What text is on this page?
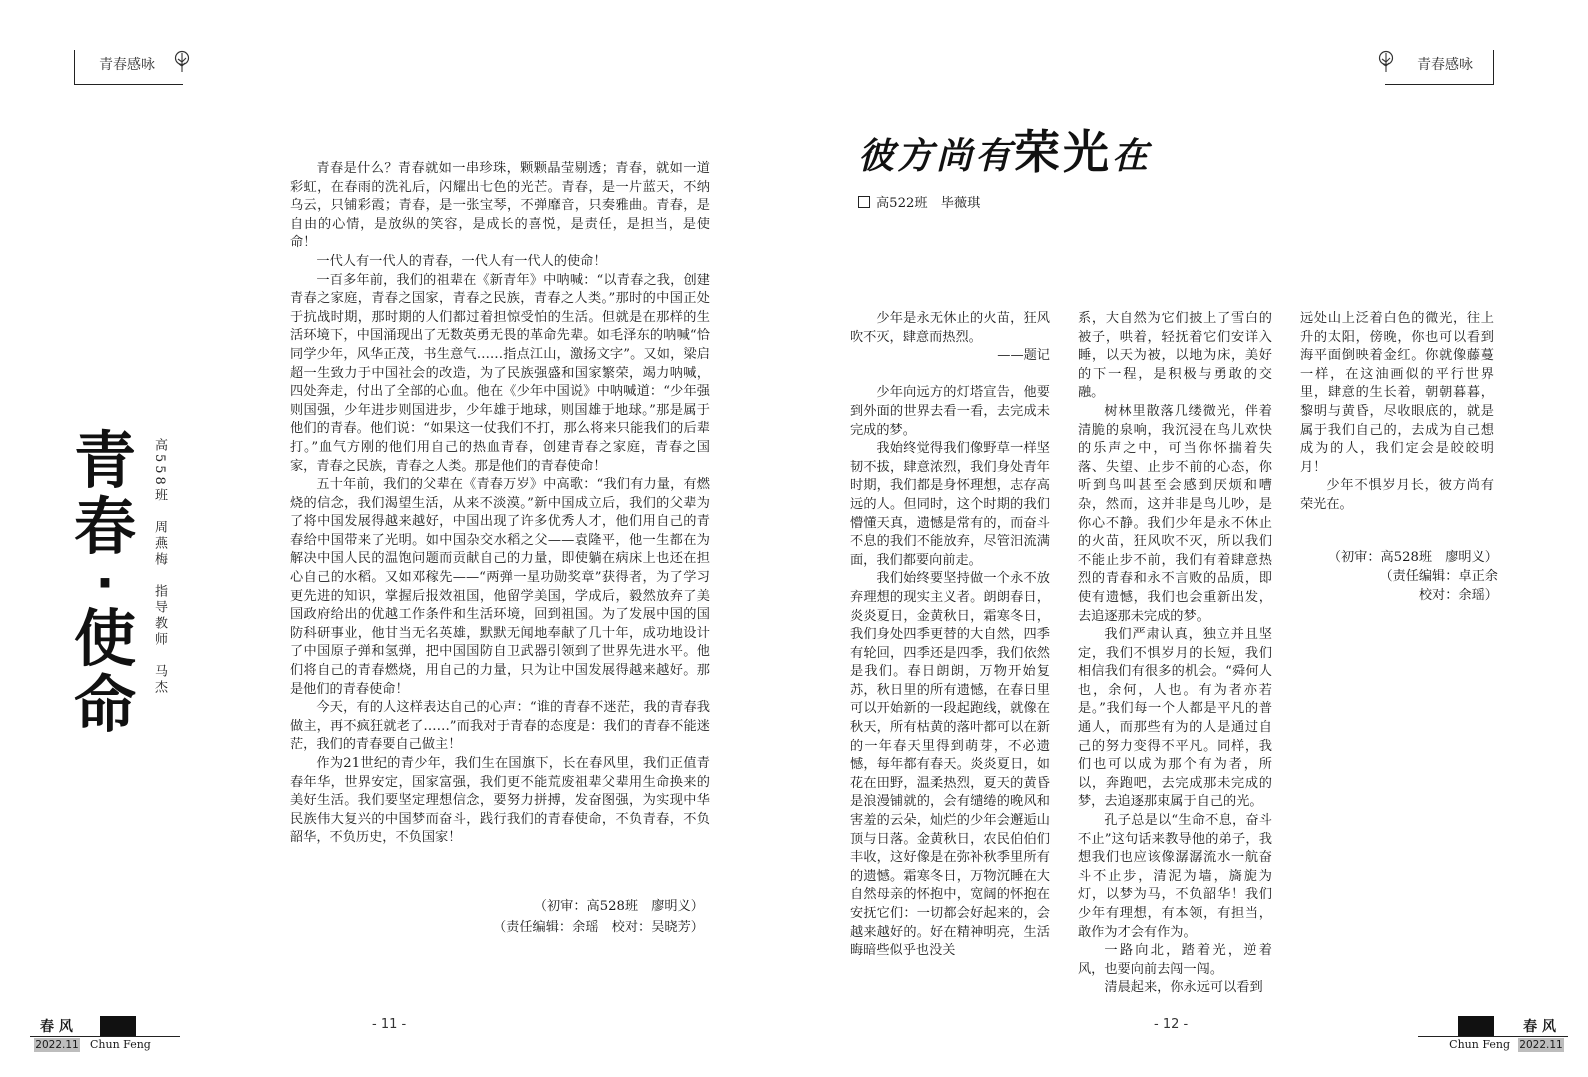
青春感咏
青
春
·
使
命
高558班　周燕梅　指导教师　马杰

青春是什么？青春就如一串珍珠，颗颗晶莹剔透；青春，就如一道彩虹，在春雨的洗礼后，闪耀出七色的光芒。青春，是一片蓝天，不纳乌云，只铺彩霞；青春，是一张宝琴，不弹靡音，只奏雅曲。青春，是自由的心情，是放纵的笑容，是成长的喜悦，是责任，是担当，是使命！

一代人有一代人的青春，一代人有一代人的使命！

一百多年前，我们的祖辈在《新青年》中呐喊：“以青春之我，创建青春之家庭，青春之国家，青春之民族，青春之人类。”那时的中国正处于抗战时期，那时期的人们都过着担惊受怕的生活。但就是在那样的生活环境下，中国涌现出了无数英勇无畏的革命先辈。如毛泽东的呐喊“恰同学少年，风华正茂，书生意气……指点江山，激扬文字”。又如，梁启超一生致力于中国社会的改造，为了民族强盛和国家繁荣，竭力呐喊，四处奔走，付出了全部的心血。他在《少年中国说》中呐喊道：“少年强则国强，少年进步则国进步，少年雄于地球，则国雄于地球。”那是属于他们的青春。他们说：“如果这一仗我们不打，那么将来只能我们的后辈打。”血气方刚的他们用自己的热血青春，创建青春之家庭，青春之国家，青春之民族，青春之人类。那是他们的青春使命！

五十年前，我们的父辈在《青春万岁》中高歌：“我们有力量，有燃烧的信念，我们渴望生活，从来不淡漠。”新中国成立后，我们的父辈为了将中国发展得越来越好，中国出现了许多优秀人才，他们用自己的青春给中国带来了光明。如中国杂交水稻之父——袁隆平，他一生都在为解决中国人民的温饱问题而贡献自己的力量，即使躺在病床上也还在担心自己的水稻。又如邓稼先——“两弹一星功勋奖章”获得者，为了学习更先进的知识，掌握后报效祖国，他留学美国，学成后，毅然放弃了美国政府给出的优越工作条件和生活环境，回到祖国。为了发展中国的国防科研事业，他甘当无名英雄，默默无闻地奉献了几十年，成功地设计了中国原子弹和氢弹，把中国国防自卫武器引领到了世界先进水平。他们将自己的青春燃烧，用自己的力量，只为让中国发展得越来越好。那是他们的青春使命！

今天，有的人这样表达自己的心声：“谁的青春不迷茫，我的青春我做主，再不疯狂就老了……”而我对于青春的态度是：我们的青春不能迷茫，我们的青春要自己做主！

作为21世纪的青少年，我们生在国旗下，长在春风里，我们正值青春年华，世界安定，国家富强，我们更不能荒废祖辈父辈用生命换来的美好生活。我们要坚定理想信念，要努力拼搏，发奋图强，为实现中华民族伟大复兴的中国梦而奋斗，践行我们的青春使命，不负青春，不负韶华，不负历史，不负国家！

（初审：高528班　廖明义）
（责任编辑：余瑶　校对：吴晓芳）
- 11 -
春 风
2022.11 Chun Feng
青春感咏
彼方尚有荣光在
高522班　毕薇琪

少年是永无休止的火苗，狂风吹不灭，肆意而热烈。

——题记

少年向远方的灯塔宣告，他要到外面的世界去看一看，去完成未完成的梦。

我始终觉得我们像野草一样坚韧不拔，肆意浓烈，我们身处青年时期，我们都是身怀理想，志存高远的人。但同时，这个时期的我们懵懂天真，遗憾是常有的，而奋斗不息的我们不能放弃，尽管汨流满面，我们都要向前走。

我们始终要坚持做一个永不放弃理想的现实主义者。朗朗春日，炎炎夏日，金黄秋日，霜寒冬日，我们身处四季更替的大自然，四季有轮回，四季还是四季，我们依然是我们。春日朗朗，万物开始复苏，秋日里的所有遗憾，在春日里可以开始新的一段起跑线，就像在秋天，所有枯黄的落叶都可以在新的一年春天里得到萌芽，不必遗憾，每年都有春天。炎炎夏日，如花在田野，温柔热烈，夏天的黄昏是浪漫铺就的，会有缱绻的晚风和害羞的云朵，灿烂的少年会邂逅山顶与日落。金黄秋日，农民伯伯们丰收，这好像是在弥补秋季里所有的遗憾。霜寒冬日，万物沉睡在大自然母亲的怀抱中，宽阔的怀抱在安抚它们：一切都会好起来的，会越来越好的。好在精神明亮，生活晦暗些似乎也没关

系，大自然为它们披上了雪白的被子，哄着，轻抚着它们安详入睡，以天为被，以地为床，美好的下一程，是积极与勇敢的交融。

树林里散落几缕微光，伴着清脆的泉响，我沉浸在鸟儿欢快的乐声之中，可当你怀揣着失落、失望、止步不前的心态，你听到鸟叫甚至会感到厌烦和嘈杂，然而，这并非是鸟儿吵，是你心不静。我们少年是永不休止的火苗，狂风吹不灭，所以我们不能止步不前，我们有着肆意热烈的青春和永不言败的品质，即使有遗憾，我们也会重新出发，去追逐那未完成的梦。

我们严肃认真，独立并且坚定，我们不惧岁月的长短，我们相信我们有很多的机会。“舜何人也，余何，人也。有为者亦若是。”我们每一个人都是平凡的普通人，而那些有为的人是通过自己的努力变得不平凡。同样，我们也可以成为那个有为者，所以，奔跑吧，去完成那未完成的梦，去追逐那束属于自己的光。

孔子总是以“生命不息，奋斗不止”这句话来教导他的弟子，我想我们也应该像潺潺流水一航奋斗不止步，清泥为墙，旖旎为灯，以梦为马，不负韶华！我们少年有理想，有本领，有担当，敢作为才会有作为。

一路向北，踏着光，逆着风，也要向前去闯一闯。

清晨起来，你永远可以看到

远处山上泛着白色的微光，往上升的太阳，傍晚，你也可以看到海平面倒映着金红。你就像藤蔓一样，在这油画似的平行世界里，肆意的生长着，朝朝暮暮，黎明与黄昏，尽收眼底的，就是属于我们自己的，去成为自己想成为的人，我们定会是皎皎明月！

少年不惧岁月长，彼方尚有荣光在。

（初审：高528班　廖明义）
（责任编辑：卓正余
校对：余瑶）
- 12 -	春 风
Chun Feng 2022.11
